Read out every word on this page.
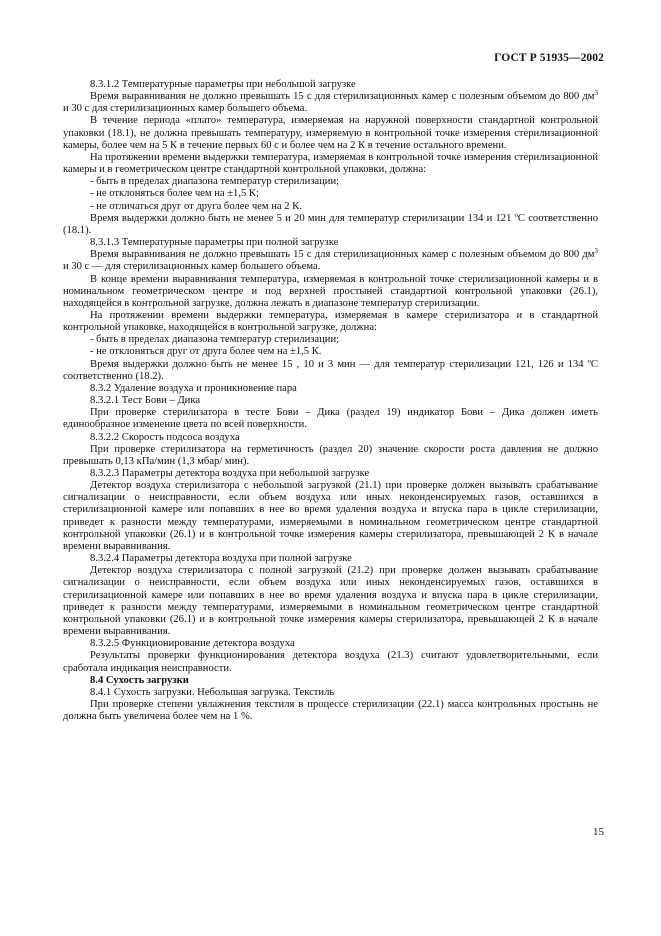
ГОСТ Р 51935—2002

8.3.1.2 Температурные параметры при небольшой загрузке

Время выравнивания не должно превышать 15 с для стерилизационных камер с полезным объемом до 800 $дм^3$ и 30 с для стерилизационных камер большего объема.

В течение периода «плато» температура, измеряемая на наружной поверхности стандартной контрольной упаковки (18.1), не должна превышать температуру, измеряемую в контрольной точке измерения стерилизационной камеры, более чем на 5 К в течение первых 60 с и более чем на 2 К в течение остального времени.

На протяжении времени выдержки температура, измеряемая в контрольной точке измерения стерилизационной камеры и в геометрическом центре стандартной контрольной упаковки, должна:

- быть в пределах диапазона температур стерилизации;

- не отклоняться более чем на ±1,5 К;

- не отличаться друг от друга более чем на 2 К.

Время выдержки должно быть не менее 5 и 20 мин для температур стерилизации 134 и 121 ºС соответственно (18.1).

8.3.1.3 Температурные параметры при полной загрузке

Время выравнивания не должно превышать 15 с для стерилизационных камер с полезным объемом до 800 $дм^3$ и 30 с — для стерилизационных камер большего объема.

В конце времени выравнивания температура, измеряемая в контрольной точке стерилизационной камеры и в номинальном геометрическом центре и под верхней простыней стандартной контрольной упаковки (26.1), находящейся в контрольной загрузке, должна лежать в диапазоне температур стерилизации.

На протяжении времени выдержки температура, измеряемая в камере стерилизатора и в стандартной контрольной упаковке, находящейся в контрольной загрузке, должна:

- быть в пределах диапазона температур стерилизации;

- не отклоняться друг от друга более чем на ±1,5 К.

Время выдержки должно быть не менее 15 , 10 и 3 мин — для температур стерилизации 121, 126 и 134 ºС соответственно (18.2).

8.3.2 Удаление воздуха и проникновение пара

8.3.2.1 Тест Бови – Дика

При проверке стерилизатора в тесте Бови – Дика (раздел 19) индикатор Бови – Дика должен иметь единообразное изменение цвета по всей поверхности.

8.3.2.2 Скорость подсоса воздуха

При проверке стерилизатора на герметичность (раздел 20) значение скорости роста давления не должно превышать 0,13 кПа/мин (1,3 мбар/ мин).

8.3.2.3 Параметры детектора воздуха при небольшой загрузке

Детектор воздуха стерилизатора с небольшой загрузкой (21.1) при проверке должен вызывать срабатывание сигнализации о неисправности, если объем воздуха или иных неконденсируемых газов, оставшихся в стерилизационной камере или попавших в нее во время удаления воздуха и впуска пара в цикле стерилизации, приведет к разности между температурами, измеряемыми в номинальном геометрическом центре стандартной контрольной упаковки (26.1) и в контрольной точке измерения камеры стерилизатора, превышающей 2 К в начале времени выравнивания.

8.3.2.4 Параметры детектора воздуха при полной загрузке

Детектор воздуха стерилизатора с полной загрузкой (21.2) при проверке должен вызывать срабатывание сигнализации о неисправности, если объем воздуха или иных неконденсируемых газов, оставшихся в стерилизационной камере или попавших в нее во время удаления воздуха и впуска пара в цикле стерилизации, приведет к разности между температурами, измеряемыми в номинальном геометрическом центре стандартной контрольной упаковки (26.1) и в контрольной точке измерения камеры стерилизатора, превышающей 2 К в начале времени выравнивания.

8.3.2.5 Функционирование детектора воздуха

Результаты проверки функционирования детектора воздуха (21.3) считают удовлетворительными, если сработала индикация неисправности.

8.4 Сухость загрузки

8.4.1 Сухость загрузки. Небольшая загрузка. Текстиль

При проверке степени увлажнения текстиля в процессе стерилизации (22.1) масса контрольных простынь не должна быть увеличена более чем на 1 %.

15
